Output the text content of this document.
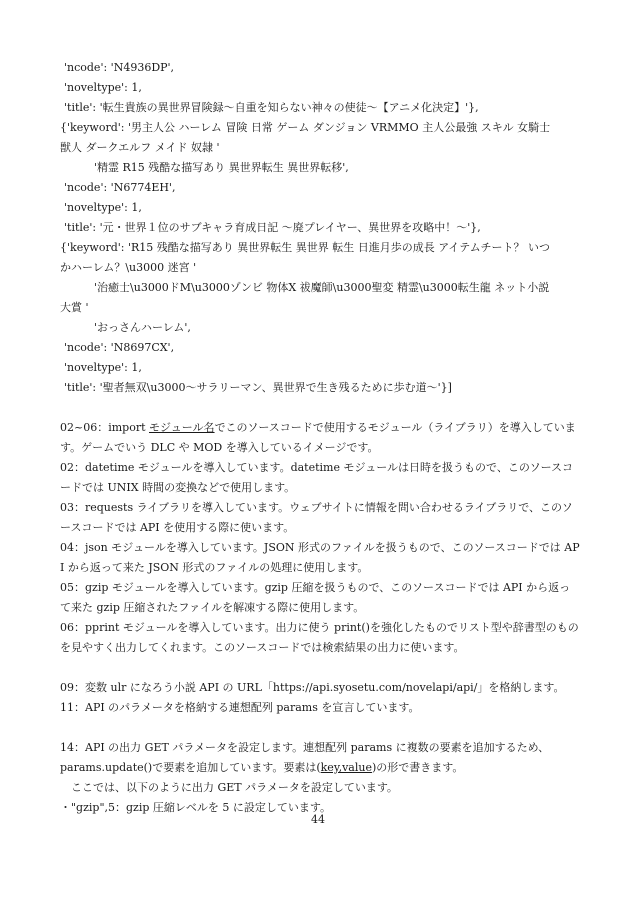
'ncode': 'N4936DP',
'noveltype': 1,
'title': '転生貴族の異世界冒険録～自重を知らない神々の使徒～【アニメ化決定】'},
{'keyword': '男主人公 ハーレム 冒険 日常 ゲーム ダンジョン VRMMO 主人公最強 スキル 女騎士
獣人 ダークエルフ メイド 奴隷 '
'精霊 R15 残酷な描写あり 異世界転生 異世界転移',
'ncode': 'N6774EH',
'noveltype': 1,
'title': '元・世界１位のサブキャラ育成日記 ～廃プレイヤー、異世界を攻略中！～'},
{'keyword': 'R15 残酷な描写あり 異世界転生 異世界 転生 日進月歩の成長 アイテムチート？ いつ
かハーレム？\u3000 迷宮 '
'治癒士\u3000ドM\u3000ゾンビ 物体X 祓魔師\u3000聖変 精霊\u3000転生龍 ネット小説
大賞 '
'おっさんハーレム',
'ncode': 'N8697CX',
'noveltype': 1,
'title': '聖者無双\u3000～サラリーマン、異世界で生き残るために歩む道～'}]
02~06：import モジュール名でこのソースコードで使用するモジュール（ライブラリ）を導入しています。ゲームでいう DLC や MOD を導入しているイメージです。
02：datetime モジュールを導入しています。datetime モジュールは日時を扱うもので、このソースコードでは UNIX 時間の変換などで使用します。
03：requests ライブラリを導入しています。ウェブサイトに情報を問い合わせるライブラリで、このソースコードでは API を使用する際に使います。
04：json モジュールを導入しています。JSON 形式のファイルを扱うもので、このソースコードでは API から返って来た JSON 形式のファイルの処理に使用します。
05：gzip モジュールを導入しています。gzip 圧縮を扱うもので、このソースコードでは API から返って来た gzip 圧縮されたファイルを解凍する際に使用します。
06：pprint モジュールを導入しています。出力に使う print()を強化したものでリスト型や辞書型のものを見やすく出力してくれます。このソースコードでは検索結果の出力に使います。
09：変数 ulr になろう小説 API の URL「https://api.syosetu.com/novelapi/api/」を格納します。
11：API のパラメータを格納する連想配列 params を宣言しています。
14：API の出力 GET パラメータを設定します。連想配列 params に複数の要素を追加するため、
params.update()で要素を追加しています。要素は(key,value)の形で書きます。
　ここでは、以下のように出力 GET パラメータを設定しています。
・"gzip",5：gzip 圧縮レベルを 5 に設定しています。
44
